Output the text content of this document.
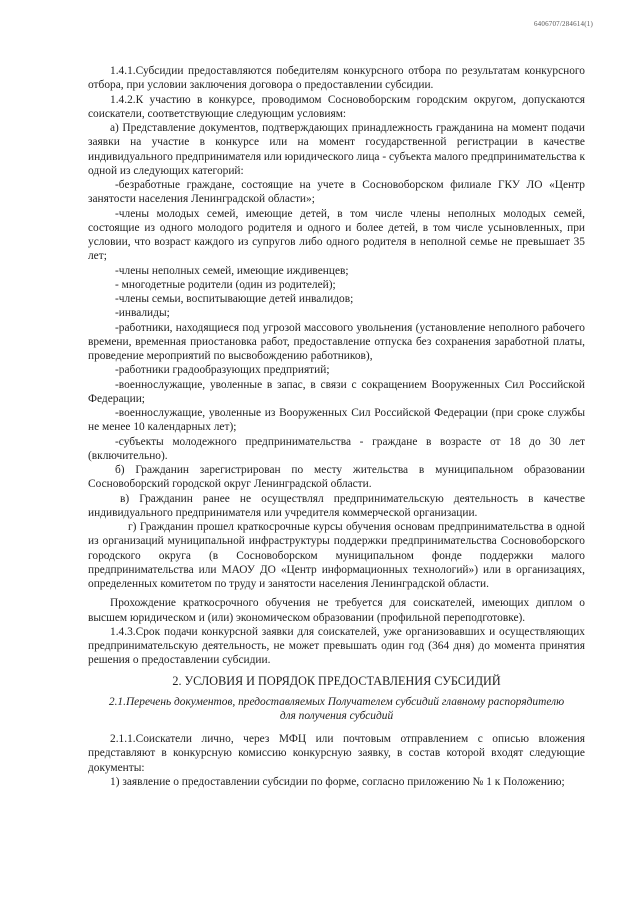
6406707/284614(1)

1.4.1.Субсидии предоставляются победителям конкурсного отбора по результатам конкурсного отбора, при условии заключения договора о предоставлении субсидии.

1.4.2.К участию в конкурсе, проводимом Сосновоборским городским округом, допускаются соискатели, соответствующие следующим условиям:

а) Представление документов, подтверждающих принадлежность гражданина на момент подачи заявки на участие в конкурсе или на момент государственной регистрации в качестве индивидуального предпринимателя или юридического лица - субъекта малого предпринимательства к одной из следующих категорий:

-безработные граждане, состоящие на учете в Сосновоборском филиале ГКУ ЛО «Центр занятости населения Ленинградской области»;

-члены молодых семей, имеющие детей, в том числе члены неполных молодых семей, состоящие из одного молодого родителя и одного и более детей, в том числе усыновленных, при условии, что возраст каждого из супругов либо одного родителя в неполной семье не превышает 35 лет;

-члены неполных семей, имеющие иждивенцев;

- многодетные родители (один из родителей);

-члены семьи, воспитывающие детей инвалидов;

-инвалиды;

-работники, находящиеся под угрозой массового увольнения (установление неполного рабочего времени, временная приостановка работ, предоставление отпуска без сохранения заработной платы, проведение мероприятий по высвобождению работников),

-работники градообразующих предприятий;

-военнослужащие, уволенные в запас, в связи с сокращением Вооруженных Сил Российской Федерации;

-военнослужащие, уволенные из Вооруженных Сил Российской Федерации (при сроке службы не менее 10 календарных лет);

-субъекты молодежного предпринимательства - граждане в возрасте от 18 до 30 лет (включительно).

б) Гражданин зарегистрирован по месту жительства в муниципальном образовании Сосновоборский городской округ Ленинградской области.

в) Гражданин ранее не осуществлял предпринимательскую деятельность в качестве индивидуального предпринимателя или учредителя коммерческой организации.

г) Гражданин прошел краткосрочные курсы обучения основам предпринимательства в одной из организаций муниципальной инфраструктуры поддержки предпринимательства Сосновоборского городского округа (в Сосновоборском муниципальном фонде поддержки малого предпринимательства или МАОУ ДО «Центр информационных технологий») или в организациях, определенных комитетом по труду и занятости населения Ленинградской области.

Прохождение краткосрочного обучения не требуется для соискателей, имеющих диплом о высшем юридическом и (или) экономическом образовании (профильной переподготовке).

1.4.3.Срок подачи конкурсной заявки для соискателей, уже организовавших и осуществляющих предпринимательскую деятельность, не может превышать один год (364 дня) до момента принятия решения о предоставлении субсидии.

2. УСЛОВИЯ И ПОРЯДОК ПРЕДОСТАВЛЕНИЯ СУБСИДИЙ

2.1.Перечень документов, предоставляемых Получателем субсидий главному распорядителю для получения субсидий

2.1.1.Соискатели лично, через МФЦ или почтовым отправлением с описью вложения представляют в конкурсную комиссию конкурсную заявку, в состав которой входят следующие документы:

1) заявление о предоставлении субсидии по форме, согласно приложению № 1 к Положению;
